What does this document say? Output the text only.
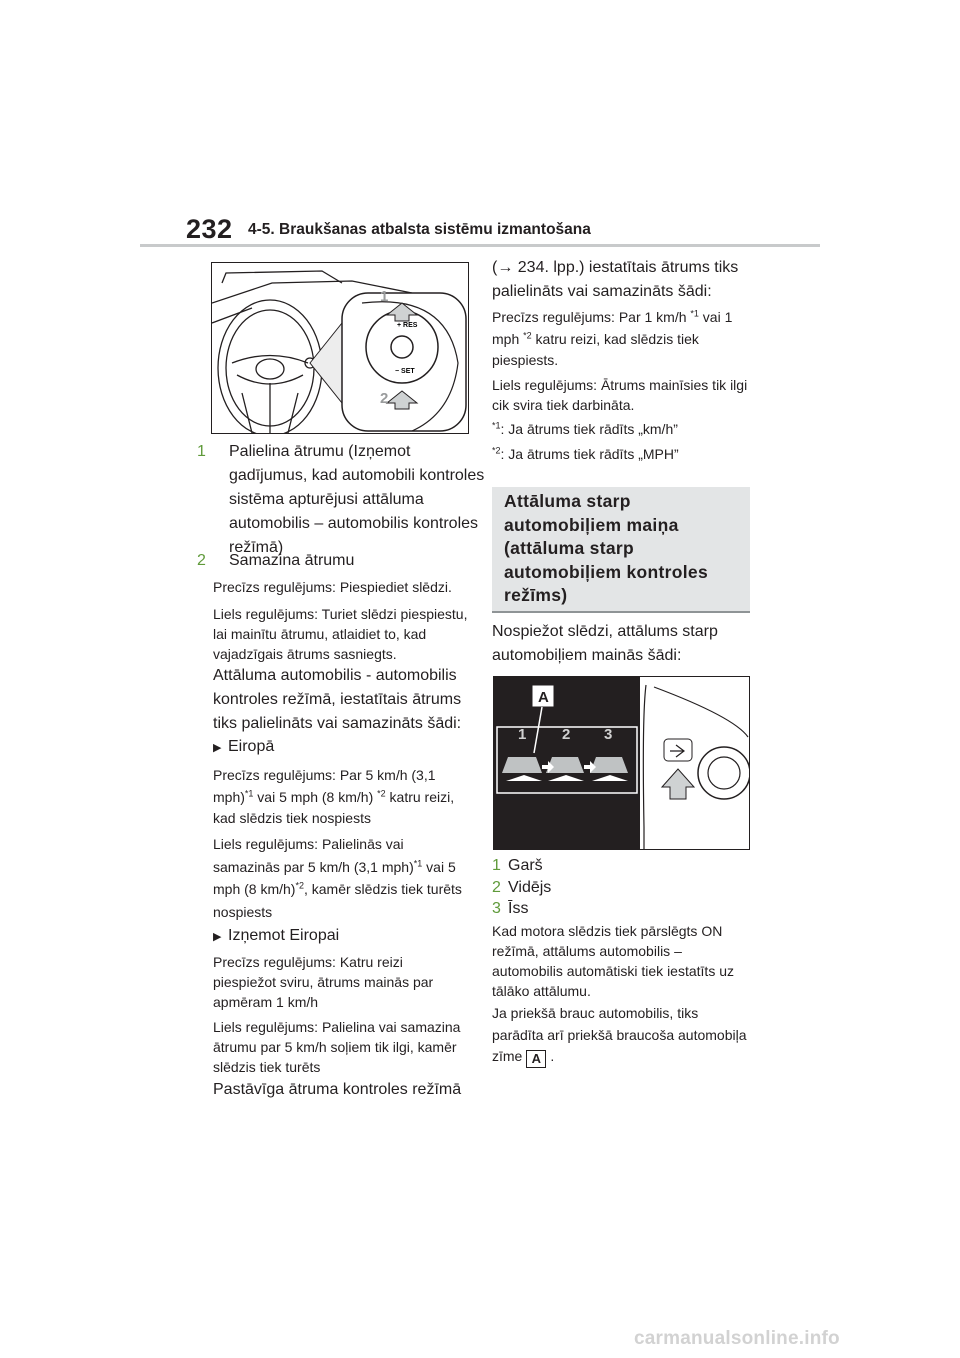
232 4-5. Braukšanas atbalsta sistēmu izmantošana
+ RES
− SET
1
2
1 Palielina ātrumu (Izņemot gadījumus, kad automobili kontroles sistēma apturējusi attāluma automobilis – automobilis kontroles režīmā)
2 Samazina ātrumu
Precīzs regulējums: Piespiediet slēdzi.
Liels regulējums: Turiet slēdzi piespiestu, lai mainītu ātrumu, atlaidiet to, kad vajadzīgais ātrums sasniegts.
Attāluma automobilis - automobilis kontroles režīmā, iestatītais ātrums tiks palielināts vai samazināts šādi:
▶ Eiropā
Precīzs regulējums: Par 5 km/h (3,1 mph)$^{*1}$ vai 5 mph (8 km/h) $^{*2}$ katru reizi, kad slēdzis tiek nospiests
Liels regulējums: Palielinās vai samazinās par 5 km/h (3,1 mph)$^{*1}$ vai 5 mph (8 km/h)$^{*2}$, kamēr slēdzis tiek turēts nospiests
▶ Izņemot Eiropai
Precīzs regulējums: Katru reizi piespiežot sviru, ātrums mainās par apmēram 1 km/h
Liels regulējums: Palielina vai samazina ātrumu par 5 km/h soļiem tik ilgi, kamēr slēdzis tiek turēts
Pastāvīga ātruma kontroles režīmā
(→ 234. lpp.) iestatītais ātrums tiks palielināts vai samazināts šādi:
Precīzs regulējums: Par 1 km/h $^{*1}$ vai 1 mph $^{*2}$ katru reizi, kad slēdzis tiek piespiests.
Liels regulējums: Ātrums mainīsies tik ilgi cik svira tiek darbināta.
$^{*1}$: Ja ātrums tiek rādīts „km/h”
$^{*2}$: Ja ātrums tiek rādīts „MPH”
Attāluma starp automobiļiem maiņa (attāluma starp automobiļiem kontroles režīms)
Nospiežot slēdzi, attālums starp automobiļiem mainās šādi:
A
1 2 3
1 Garš
2 Vidējs
3 Īss
Kad motora slēdzis tiek pārslēgts ON režīmā, attālums automobilis – automobilis automātiski tiek iestatīts uz tālāko attālumu.
Ja priekšā brauc automobilis, tiks parādīta arī priekšā braucoša automobiļa zīme A .
carmanualsonline.info
